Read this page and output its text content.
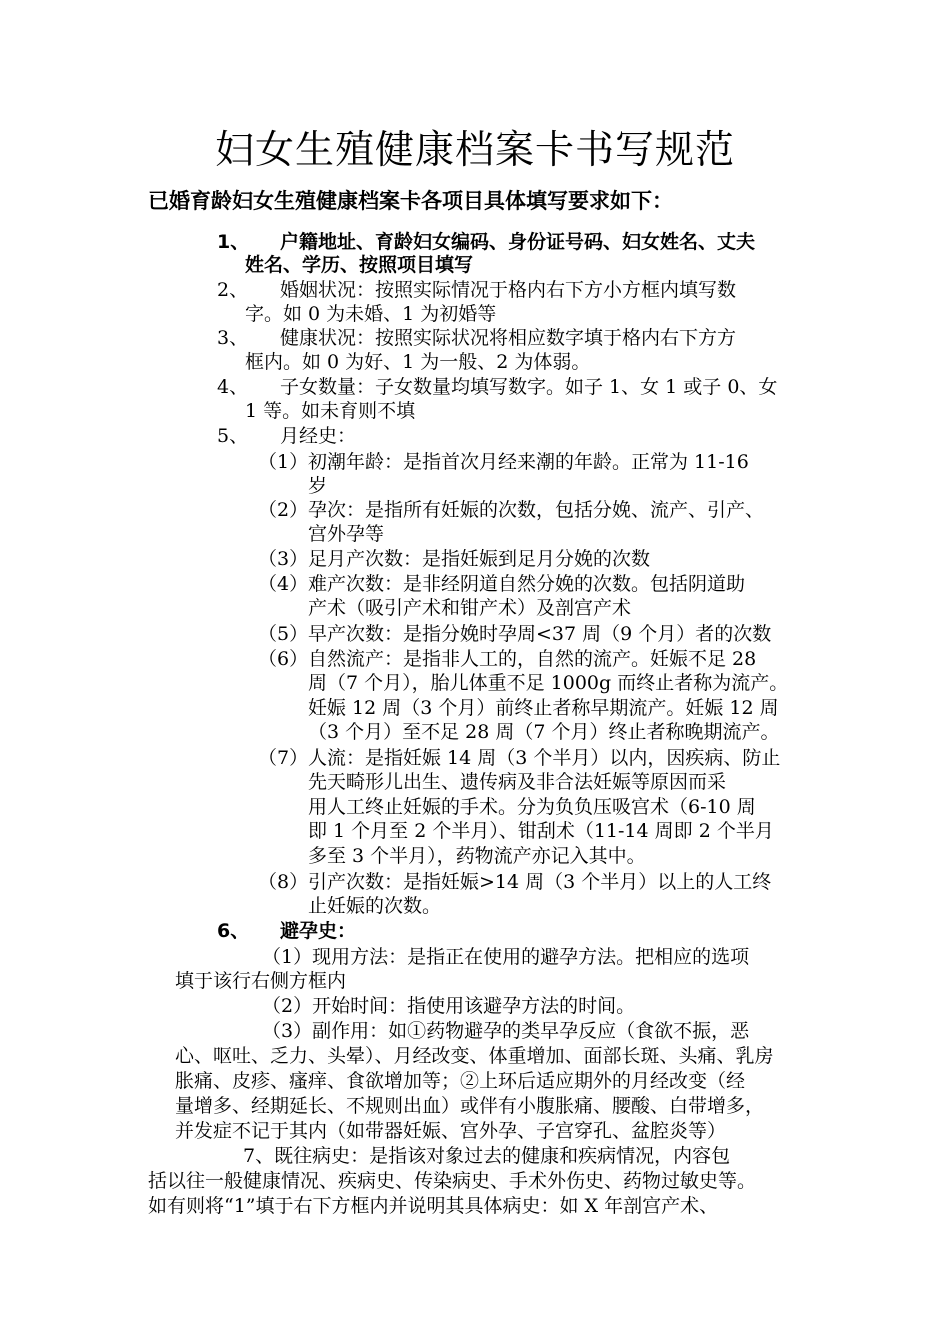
妇女生殖健康档案卡书写规范
已婚育龄妇女生殖健康档案卡各项目具体填写要求如下：
1、 户籍地址、育龄妇女编码、身份证号码、妇女姓名、丈夫
姓名、学历、按照项目填写
2、 婚姻状况：按照实际情况于格内右下方小方框内填写数
字。如 0 为未婚、1 为初婚等
3、 健康状况：按照实际状况将相应数字填于格内右下方方
框内。如 0 为好、1 为一般、2 为体弱。
4、 子女数量：子女数量均填写数字。如子 1、女 1 或子 0、女
1 等。如未育则不填
5、 月经史：
（1） 初潮年龄：是指首次月经来潮的年龄。正常为 11-16
岁
（2） 孕次：是指所有妊娠的次数，包括分娩、流产、引产、
宫外孕等
（3） 足月产次数：是指妊娠到足月分娩的次数
（4） 难产次数：是非经阴道自然分娩的次数。包括阴道助
产术（吸引产术和钳产术）及剖宫产术
（5） 早产次数：是指分娩时孕周<37 周（9 个月）者的次数
（6） 自然流产：是指非人工的，自然的流产。妊娠不足 28
周（7 个月），胎儿体重不足 1000g 而终止者称为流产。
妊娠 12 周（3 个月）前终止者称早期流产。妊娠 12 周
（3 个月）至不足 28 周（7 个月）终止者称晚期流产。
（7） 人流：是指妊娠 14 周（3 个半月）以内，因疾病、防止
先天畸形儿出生、遗传病及非合法妊娠等原因而采
用人工终止妊娠的手术。分为负负压吸宫术（6-10 周
即 1 个月至 2 个半月）、钳刮术（11-14 周即 2 个半月
多至 3 个半月），药物流产亦记入其中。
（8） 引产次数：是指妊娠>14 周（3 个半月）以上的人工终
止妊娠的次数。
6、 避孕史：
（1）现用方法：是指正在使用的避孕方法。把相应的选项
填于该行右侧方框内
（2）开始时间：指使用该避孕方法的时间。
（3）副作用：如①药物避孕的类早孕反应（食欲不振，恶
心、呕吐、乏力、头晕）、月经改变、体重增加、面部长斑、头痛、乳房
胀痛、皮疹、瘙痒、食欲增加等；②上环后适应期外的月经改变（经
量增多、经期延长、不规则出血）或伴有小腹胀痛、腰酸、白带增多，
并发症不记于其内（如带器妊娠、宫外孕、子宫穿孔、盆腔炎等）
7、既往病史：是指该对象过去的健康和疾病情况，内容包
括以往一般健康情况、疾病史、传染病史、手术外伤史、药物过敏史等。
如有则将“1”填于右下方框内并说明其具体病史：如 X 年剖宫产术、
